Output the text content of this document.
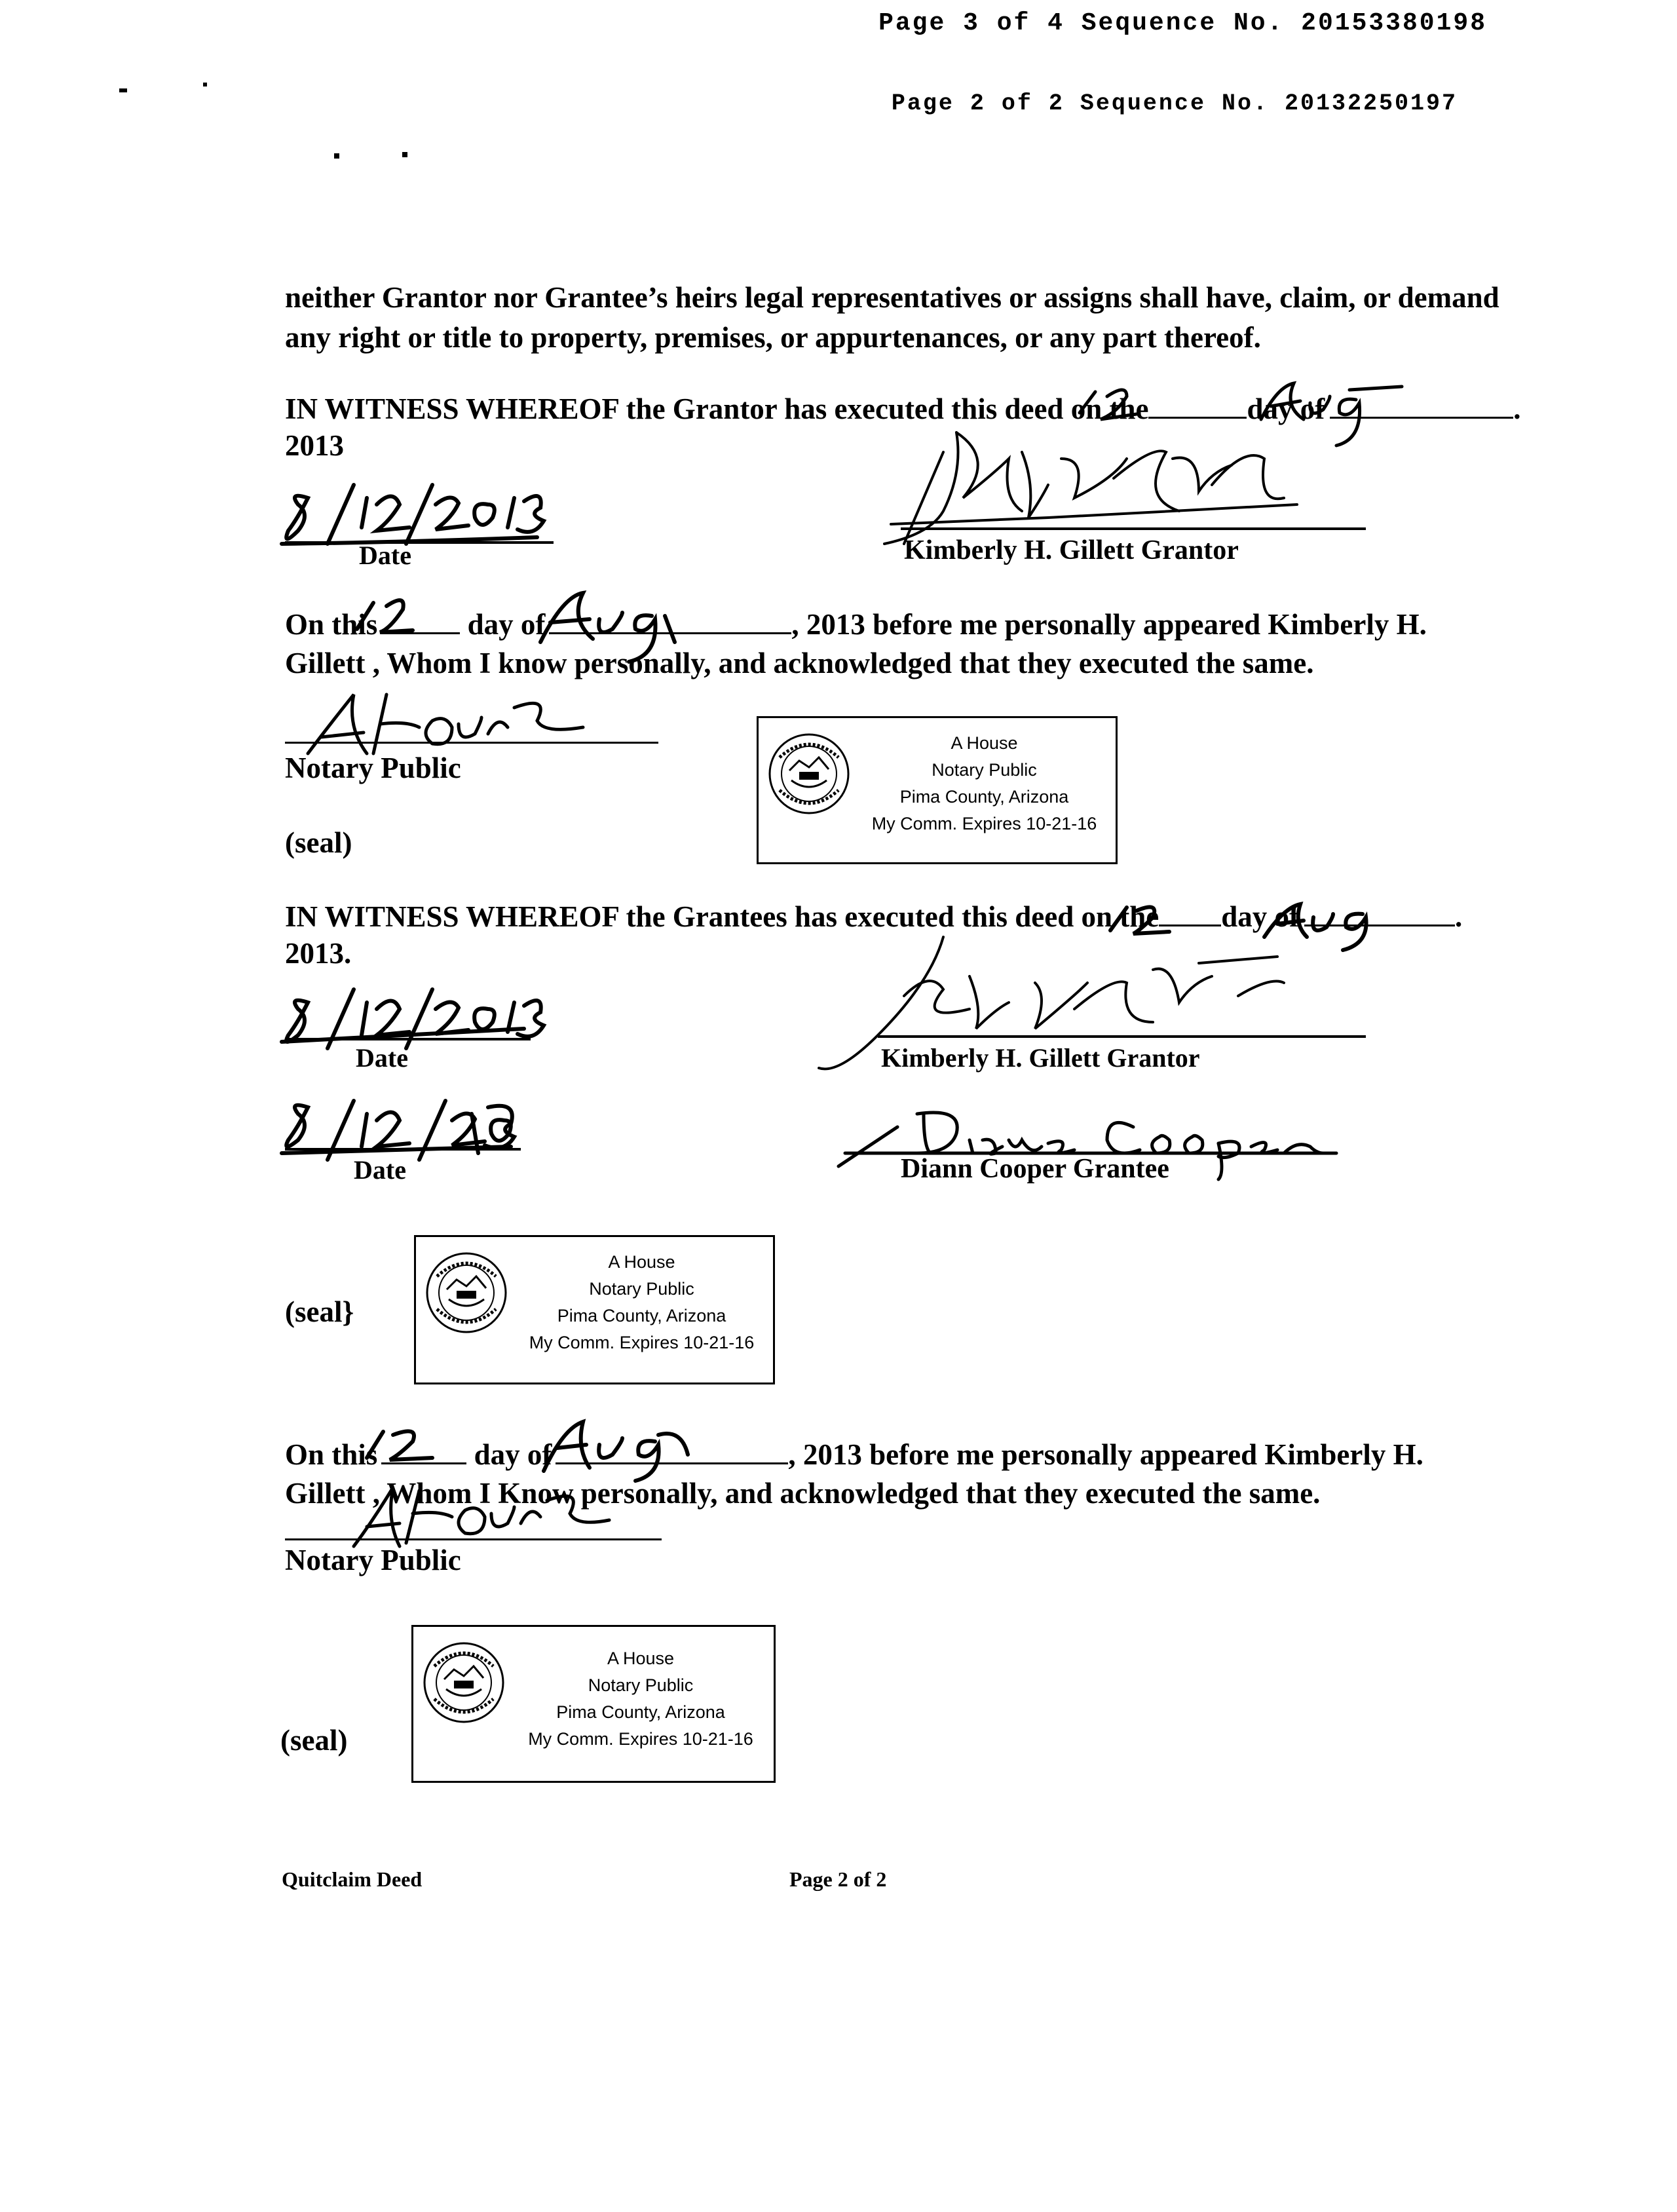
Page 3 of 4 Sequence No. 20153380198
Page 2 of 2 Sequence No. 20132250197
neither Grantor nor Grantee’s heirs legal representatives or assigns shall have, claim, or demand
any right or title to property, premises, or appurtenances, or any part thereof.
IN WITNESS WHEREOF the Grantor has executed this deed on the	day of	.
2013
Date	Kimberly H. Gillett Grantor
On this	day of	, 2013 before me personally appeared Kimberly H.
Gillett , Whom I know personally, and acknowledged that they executed the same.
Notary Public
(seal)
A House
Notary Public
Pima County, Arizona
My Comm. Expires 10-21-16
IN WITNESS WHEREOF the Grantees has executed this deed on the day of	.
2013.
Date	Kimberly H. Gillett Grantor
Date	Diann Cooper Grantee
(seal}
A House
Notary Public
Pima County, Arizona
My Comm. Expires 10-21-16
On this	day of	, 2013 before me personally appeared Kimberly H.
Gillett , Whom I Know personally, and acknowledged that they executed the same.
Notary Public
(seal)
A House
Notary Public
Pima County, Arizona
My Comm. Expires 10-21-16
Quitclaim Deed	Page 2 of 2
